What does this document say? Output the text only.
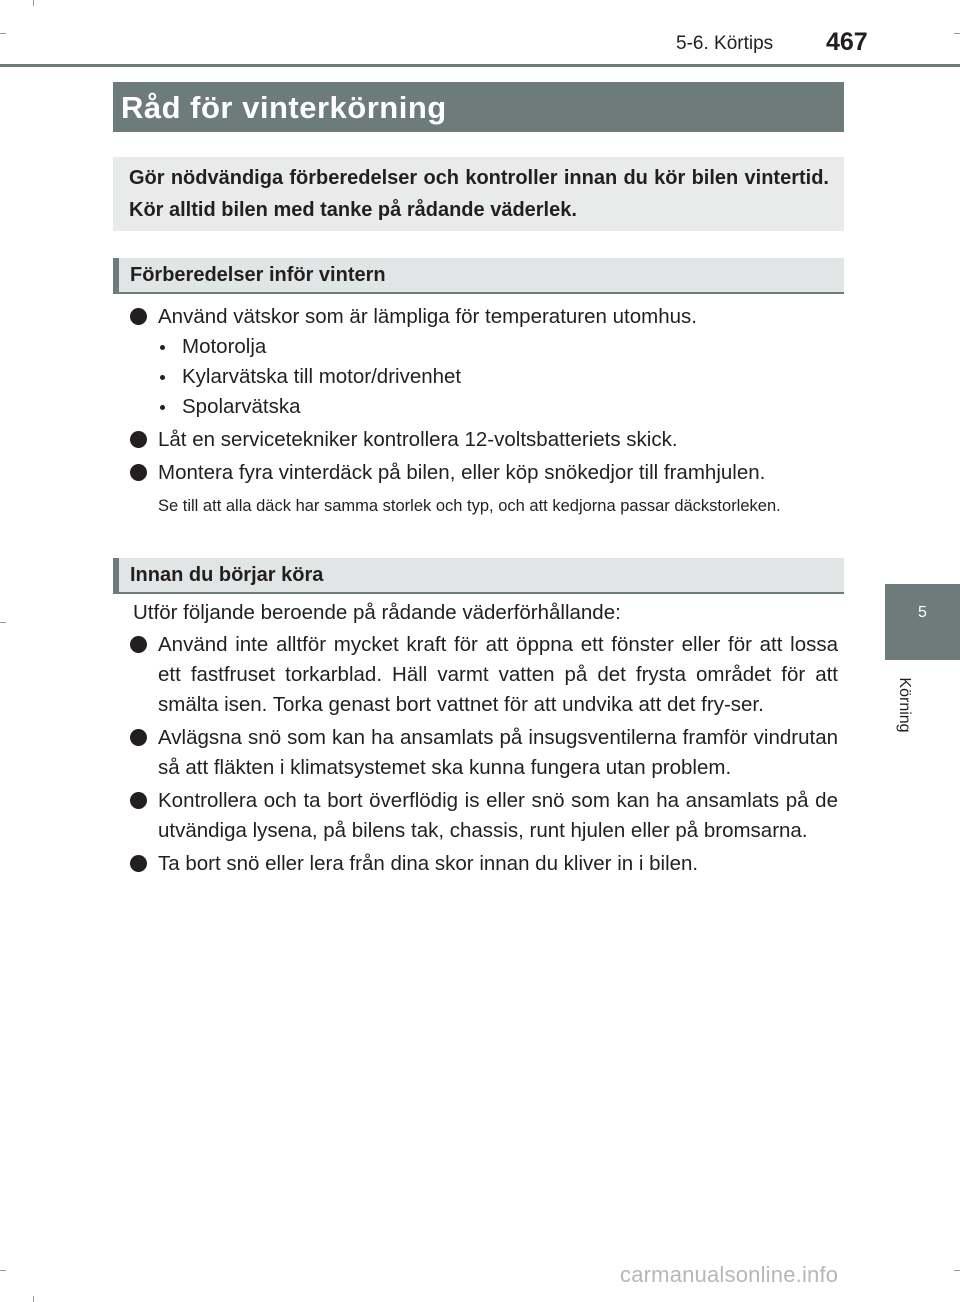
5-6. Körtips 467
Råd för vinterkörning

Gör nödvändiga förberedelser och kontroller innan du kör bilen vintertid. Kör alltid bilen med tanke på rådande väderlek.

Förberedelser inför vintern
Använd vätskor som är lämpliga för temperaturen utomhus.
Motorolja
Kylarvätska till motor/drivenhet
Spolarvätska
Låt en servicetekniker kontrollera 12-voltsbatteriets skick.
Montera fyra vinterdäck på bilen, eller köp snökedjor till framhjulen.
Se till att alla däck har samma storlek och typ, och att kedjorna passar däckstorleken.
Innan du börjar köra
Utför följande beroende på rådande väderförhållande:
Använd inte alltför mycket kraft för att öppna ett fönster eller för att lossa ett fastfruset torkarblad. Häll varmt vatten på det frysta området för att smälta isen. Torka genast bort vattnet för att undvika att det fry-ser.
Avlägsna snö som kan ha ansamlats på insugsventilerna framför vindrutan så att fläkten i klimatsystemet ska kunna fungera utan problem.
Kontrollera och ta bort överflödig is eller snö som kan ha ansamlats på de utvändiga lysena, på bilens tak, chassis, runt hjulen eller på bromsarna.
Ta bort snö eller lera från dina skor innan du kliver in i bilen.
5
Körning
carmanualsonline.info
